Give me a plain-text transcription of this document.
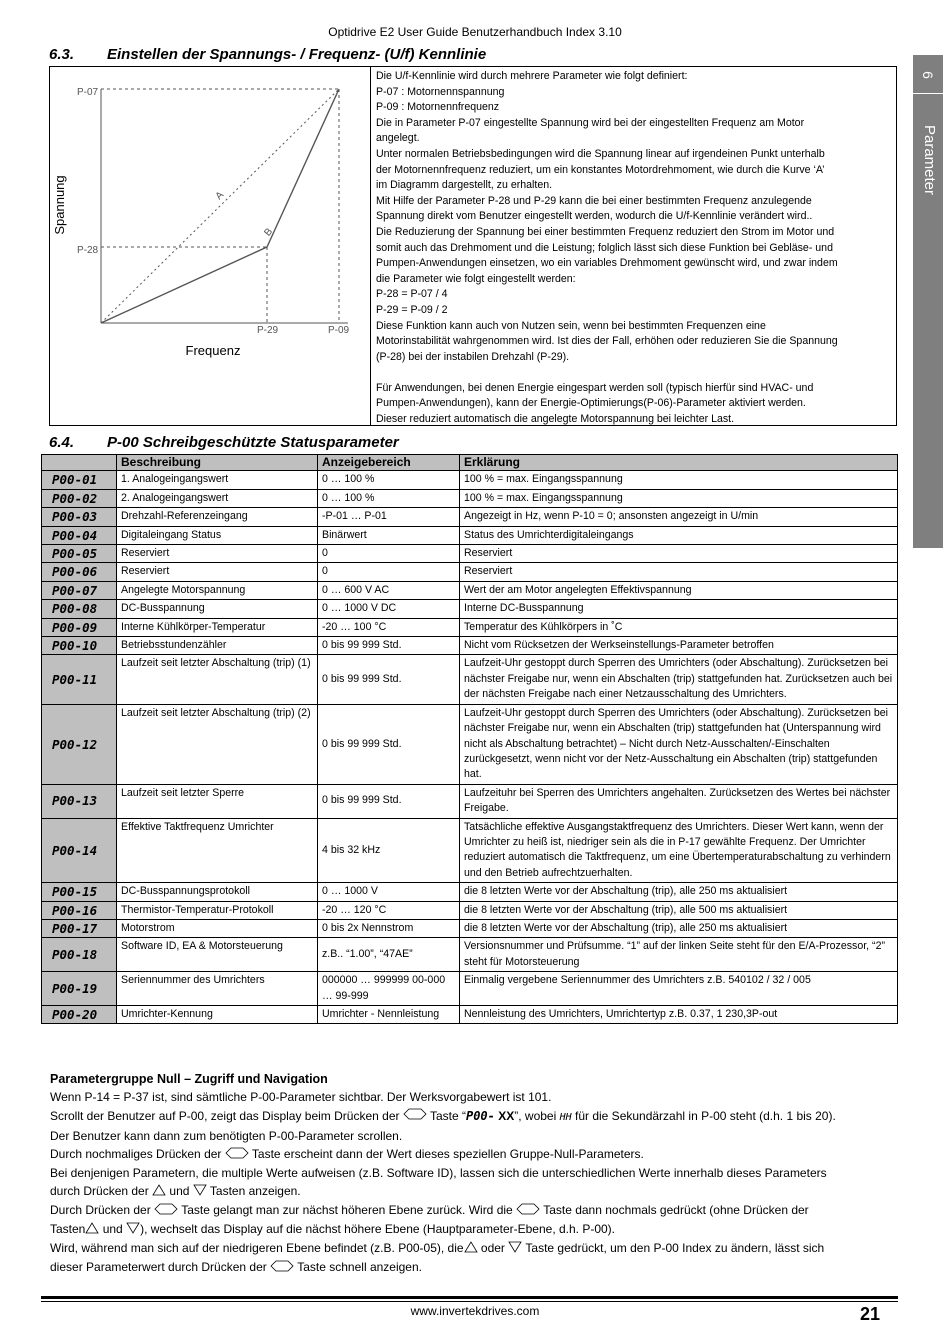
Optidrive E2 User Guide Benutzerhandbuch Index 3.10
6
Parameter
6.3. Einstellen der Spannungs- / Frequenz- (U/f) Kennlinie
P-07
P-28
P-29	P-09
A
B
Spannung
Frequenz
Die U/f-Kennlinie wird durch mehrere Parameter wie folgt definiert:
P-07 : Motornennspannung
P-09 : Motornennfrequenz
Die in Parameter P-07 eingestellte Spannung wird bei der eingestellten Frequenz am Motor
angelegt.
Unter normalen Betriebsbedingungen wird die Spannung linear auf irgendeinen Punkt unterhalb
der Motornennfrequenz reduziert, um ein konstantes Motordrehmoment, wie durch die Kurve ‘A’
im Diagramm dargestellt, zu erhalten.
Mit Hilfe der Parameter P-28 und P-29 kann die bei einer bestimmten Frequenz anzulegende
Spannung direkt vom Benutzer eingestellt werden, wodurch die U/f-Kennlinie verändert wird..
Die Reduzierung der Spannung bei einer bestimmten Frequenz reduziert den Strom im Motor und
somit auch das Drehmoment und die Leistung; folglich lässt sich diese Funktion bei Gebläse- und
Pumpen-Anwendungen einsetzen, wo ein variables Drehmoment gewünscht wird, und zwar indem
die Parameter wie folgt eingestellt werden:
P-28 = P-07 / 4
P-29 = P-09 / 2
Diese Funktion kann auch von Nutzen sein, wenn bei bestimmten Frequenzen eine
Motorinstabilität wahrgenommen wird. Ist dies der Fall, erhöhen oder reduzieren Sie die Spannung
(P-28) bei der instabilen Drehzahl (P-29).
Für Anwendungen, bei denen Energie eingespart werden soll (typisch hierfür sind HVAC- und
Pumpen-Anwendungen), kann der Energie-Optimierungs(P-06)-Parameter aktiviert werden.
Dieser reduziert automatisch die angelegte Motorspannung bei leichter Last.
6.4. P-00 Schreibgeschützte Statusparameter
	Beschreibung	Anzeigebereich	Erklärung
P00-01	1. Analogeingangswert	0 … 100 %	100 % = max. Eingangsspannung
P00-02	2. Analogeingangswert	0 … 100 %	100 % = max. Eingangsspannung
P00-03	Drehzahl-Referenzeingang	-P-01 … P-01	Angezeigt in Hz, wenn P-10 = 0; ansonsten angezeigt in U/min
P00-04	Digitaleingang Status	Binärwert	Status des Umrichterdigitaleingangs
P00-05	Reserviert	0	Reserviert
P00-06	Reserviert	0	Reserviert
P00-07	Angelegte Motorspannung	0 … 600 V AC	Wert der am Motor angelegten Effektivspannung
P00-08	DC-Busspannung	0 … 1000 V DC	Interne DC-Busspannung
P00-09	Interne Kühlkörper-Temperatur	-20 … 100 °C	Temperatur des Kühlkörpers in ˚C
P00-10	Betriebsstundenzähler	0 bis 99 999 Std.	Nicht vom Rücksetzen der Werkseinstellungs-Parameter betroffen
P00-11	Laufzeit seit letzter Abschaltung (trip) (1)	0 bis 99 999 Std.	Laufzeit-Uhr gestoppt durch Sperren des Umrichters (oder Abschaltung). Zurücksetzen bei nächster Freigabe nur, wenn ein Abschalten (trip) stattgefunden hat. Zurücksetzen auch bei der nächsten Freigabe nach einer Netzausschaltung des Umrichters.
P00-12	Laufzeit seit letzter Abschaltung (trip) (2)	0 bis 99 999 Std.	Laufzeit-Uhr gestoppt durch Sperren des Umrichters (oder Abschaltung). Zurücksetzen bei nächster Freigabe nur, wenn ein Abschalten (trip) stattgefunden hat (Unterspannung wird nicht als Abschaltung betrachtet) – Nicht durch Netz-Ausschalten/-Einschalten zurückgesetzt, wenn nicht vor der Netz-Ausschaltung ein Abschalten (trip) stattgefunden hat.
P00-13	Laufzeit seit letzter Sperre	0 bis 99 999 Std.	Laufzeituhr bei Sperren des Umrichters angehalten. Zurücksetzen des Wertes bei nächster Freigabe.
P00-14	Effektive Taktfrequenz Umrichter	4 bis 32 kHz	Tatsächliche effektive Ausgangstaktfrequenz des Umrichters. Dieser Wert kann, wenn der Umrichter zu heiß ist, niedriger sein als die in P-17 gewählte Frequenz. Der Umrichter reduziert automatisch die Taktfrequenz, um eine Übertemperaturabschaltung zu verhindern und den Betrieb aufrechtzuerhalten.
P00-15	DC-Busspannungsprotokoll	0 … 1000 V	die 8 letzten Werte vor der Abschaltung (trip), alle 250 ms aktualisiert
P00-16	Thermistor-Temperatur-Protokoll	-20 … 120 °C	die 8 letzten Werte vor der Abschaltung (trip), alle 500 ms aktualisiert
P00-17	Motorstrom	0 bis 2x Nennstrom	die 8 letzten Werte vor der Abschaltung (trip), alle 250 ms aktualisiert
P00-18	Software ID, EA & Motorsteuerung	z.B.. “1.00”, “47AE”	Versionsnummer und Prüfsumme. “1” auf der linken Seite steht für den E/A-Prozessor, “2” steht für Motorsteuerung
P00-19	Seriennummer des Umrichters	000000 … 999999 00-000 … 99-999	Einmalig vergebene Seriennummer des Umrichters z.B. 540102 / 32 / 005
P00-20	Umrichter-Kennung	Umrichter - Nennleistung	Nennleistung des Umrichters, Umrichtertyp z.B. 0.37, 1 230,3P-out
Parametergruppe Null – Zugriff und Navigation
Wenn P-14 = P-37 ist, sind sämtliche P-00-Parameter sichtbar. Der Werksvorgabewert ist 101.
Scrollt der Benutzer auf P-00, zeigt das Display beim Drücken der	Taste “P00- XX”, wobei HH für die Sekundärzahl in P-00 steht (d.h. 1 bis 20).
Der Benutzer kann dann zum benötigten P-00-Parameter scrollen.
Durch nochmaliges Drücken der	Taste erscheint dann der Wert dieses speziellen Gruppe-Null-Parameters.
Bei denjenigen Parametern, die multiple Werte aufweisen (z.B. Software ID), lassen sich die unterschiedlichen Werte innerhalb dieses Parameters
durch Drücken der und Tasten anzeigen.
Durch Drücken der	Taste gelangt man zur nächst höheren Ebene zurück. Wird die	Taste dann nochmals gedrückt (ohne Drücken der
Tasten und ), wechselt das Display auf die nächst höhere Ebene (Hauptparameter-Ebene, d.h. P-00).
Wird, während man sich auf der niedrigeren Ebene befindet (z.B. P00-05), die oder Taste gedrückt, um den P-00 Index zu ändern, lässt sich
dieser Parameterwert durch Drücken der	Taste schnell anzeigen.
www.invertekdrives.com	21
